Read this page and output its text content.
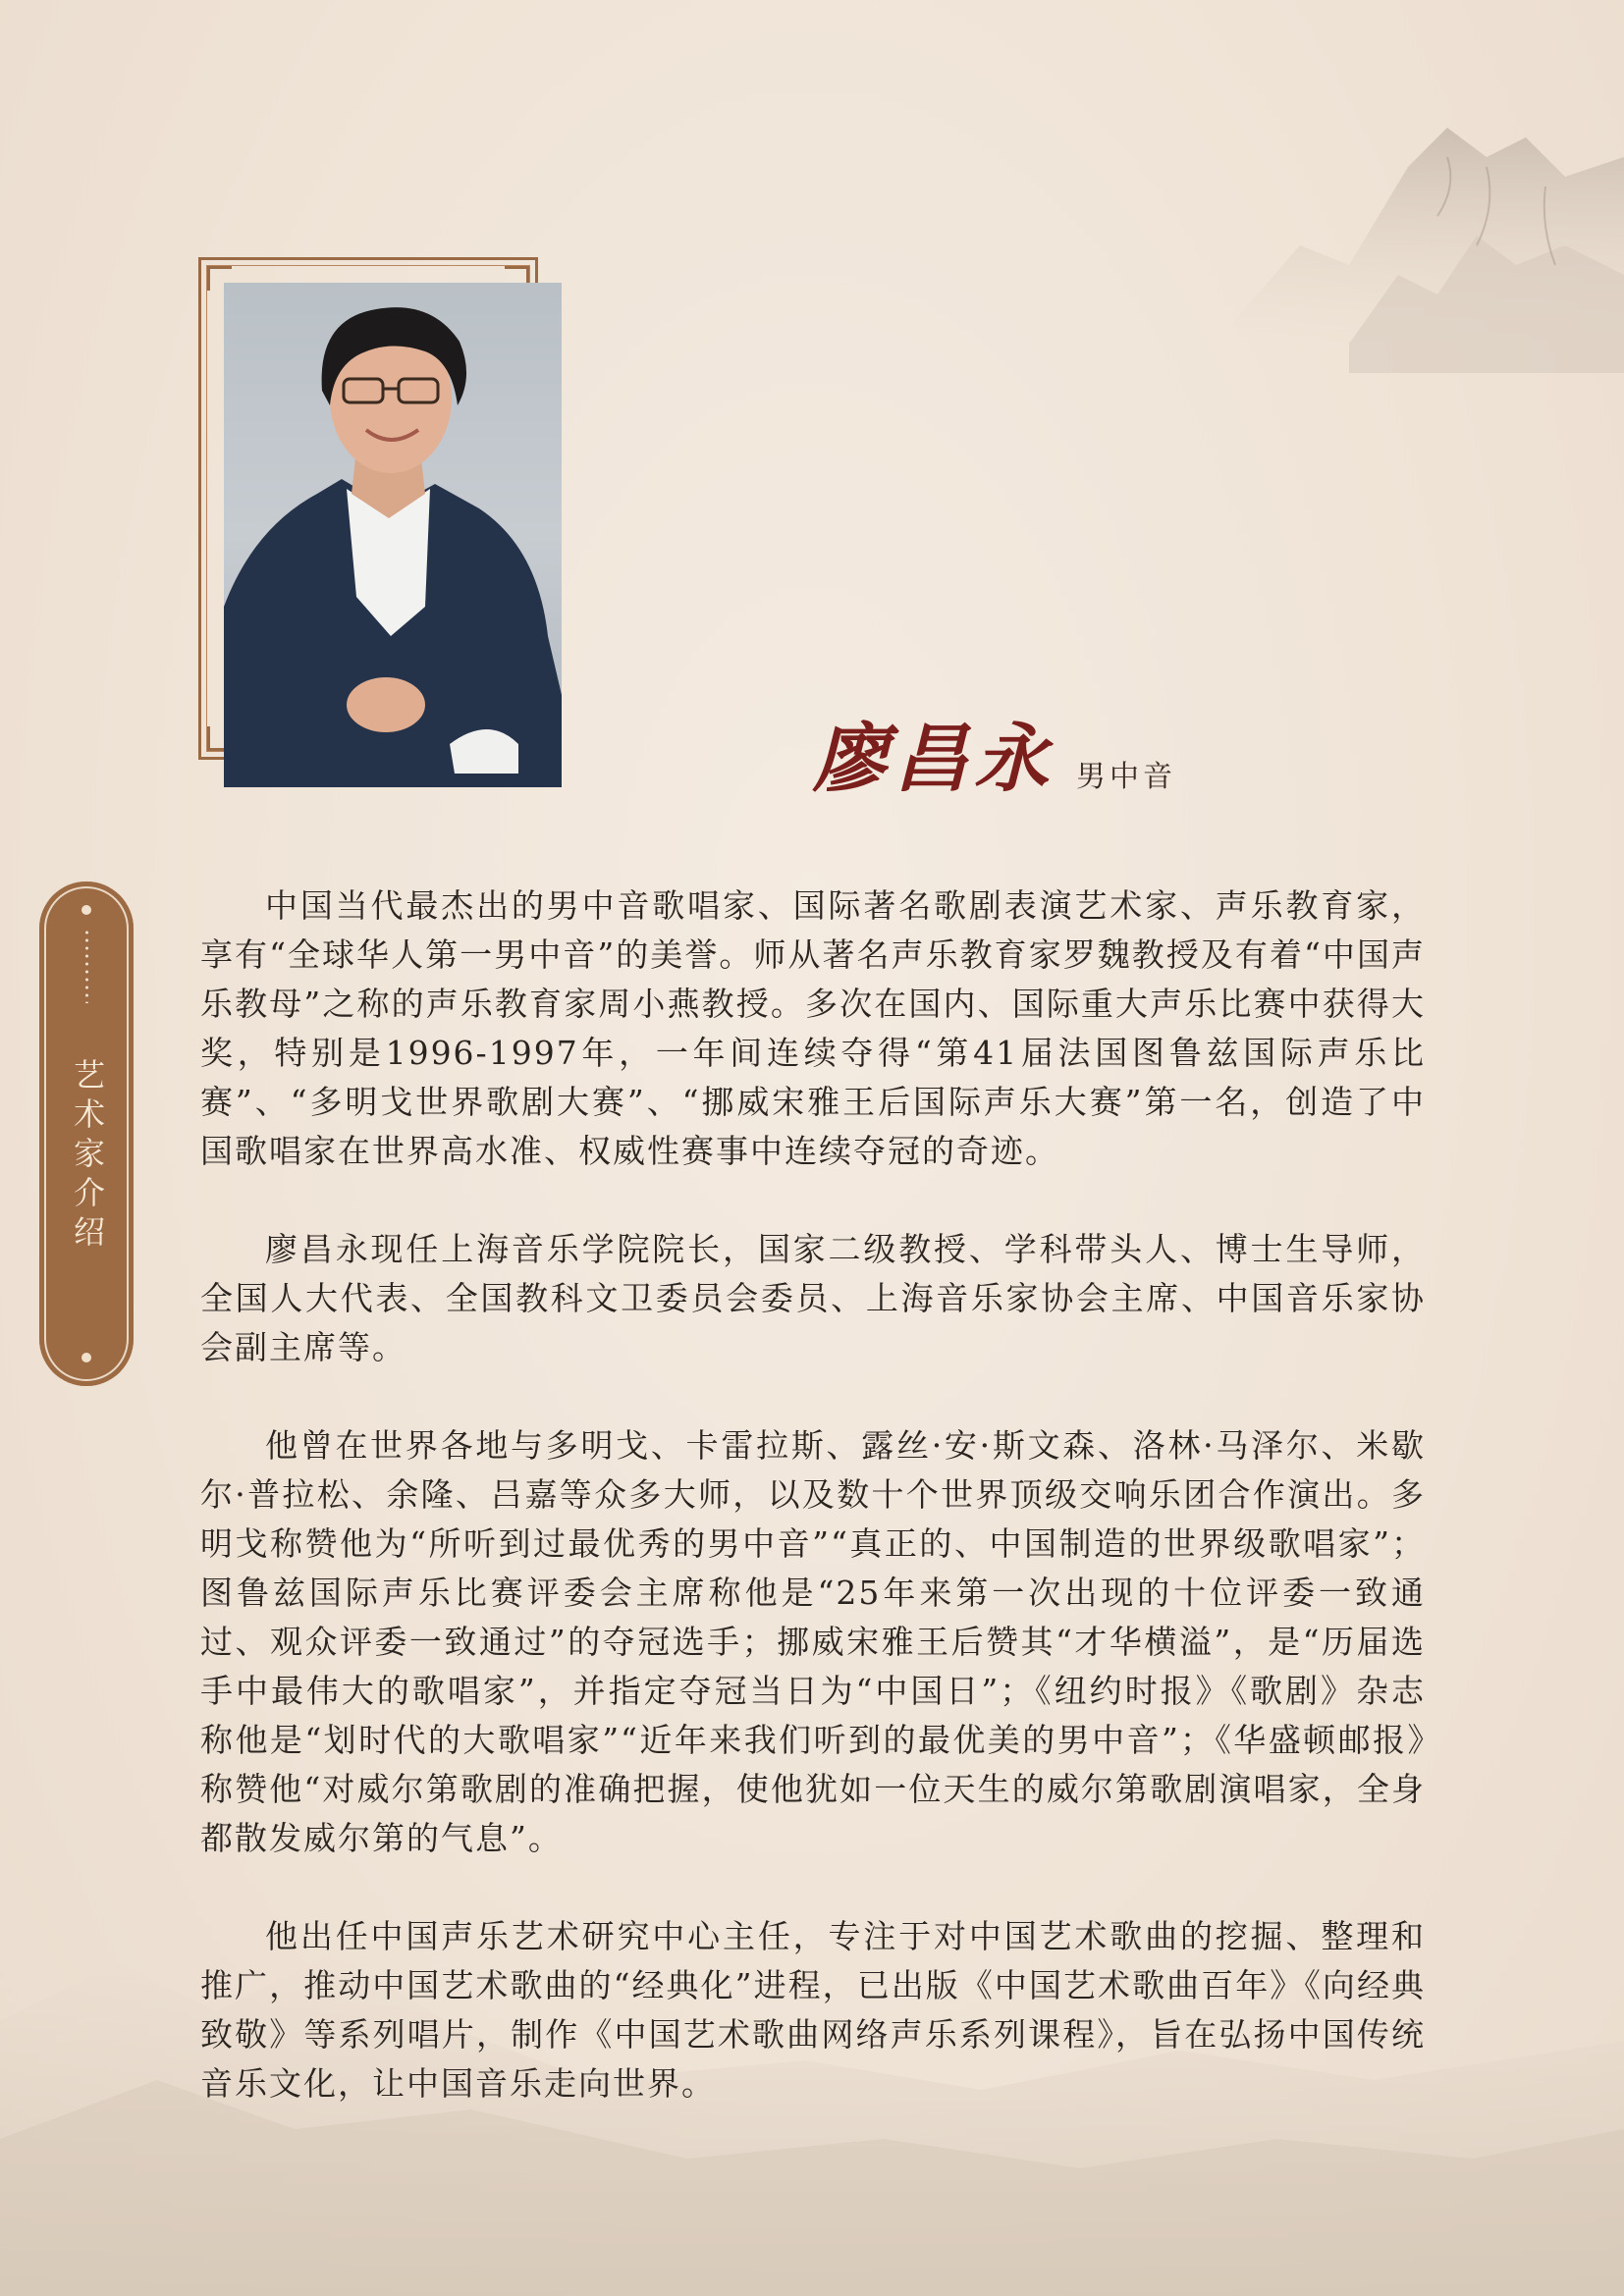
廖昌永 男中音
艺术家介绍

中国当代最杰出的男中音歌唱家、国际著名歌剧表演艺术家、声乐教育家，享有“全球华人第一男中音”的美誉。师从著名声乐教育家罗魏教授及有着“中国声乐教母”之称的声乐教育家周小燕教授。多次在国内、国际重大声乐比赛中获得大奖，特别是1996-1997年，一年间连续夺得“第41届法国图鲁兹国际声乐比赛”、“多明戈世界歌剧大赛”、“挪威宋雅王后国际声乐大赛”第一名，创造了中国歌唱家在世界高水准、权威性赛事中连续夺冠的奇迹。

廖昌永现任上海音乐学院院长，国家二级教授、学科带头人、博士生导师，全国人大代表、全国教科文卫委员会委员、上海音乐家协会主席、中国音乐家协会副主席等。

他曾在世界各地与多明戈、卡雷拉斯、露丝·安·斯文森、洛林·马泽尔、米歇尔·普拉松、余隆、吕嘉等众多大师，以及数十个世界顶级交响乐团合作演出。多明戈称赞他为“所听到过最优秀的男中音”“真正的、中国制造的世界级歌唱家”；图鲁兹国际声乐比赛评委会主席称他是“25年来第一次出现的十位评委一致通过、观众评委一致通过”的夺冠选手；挪威宋雅王后赞其“才华横溢”，是“历届选手中最伟大的歌唱家”，并指定夺冠当日为“中国日”；《纽约时报》《歌剧》杂志称他是“划时代的大歌唱家”“近年来我们听到的最优美的男中音”；《华盛顿邮报》称赞他“对威尔第歌剧的准确把握，使他犹如一位天生的威尔第歌剧演唱家，全身都散发威尔第的气息”。

他出任中国声乐艺术研究中心主任，专注于对中国艺术歌曲的挖掘、整理和推广，推动中国艺术歌曲的“经典化”进程，已出版《中国艺术歌曲百年》《向经典致敬》等系列唱片，制作《中国艺术歌曲网络声乐系列课程》，旨在弘扬中国传统音乐文化，让中国音乐走向世界。
